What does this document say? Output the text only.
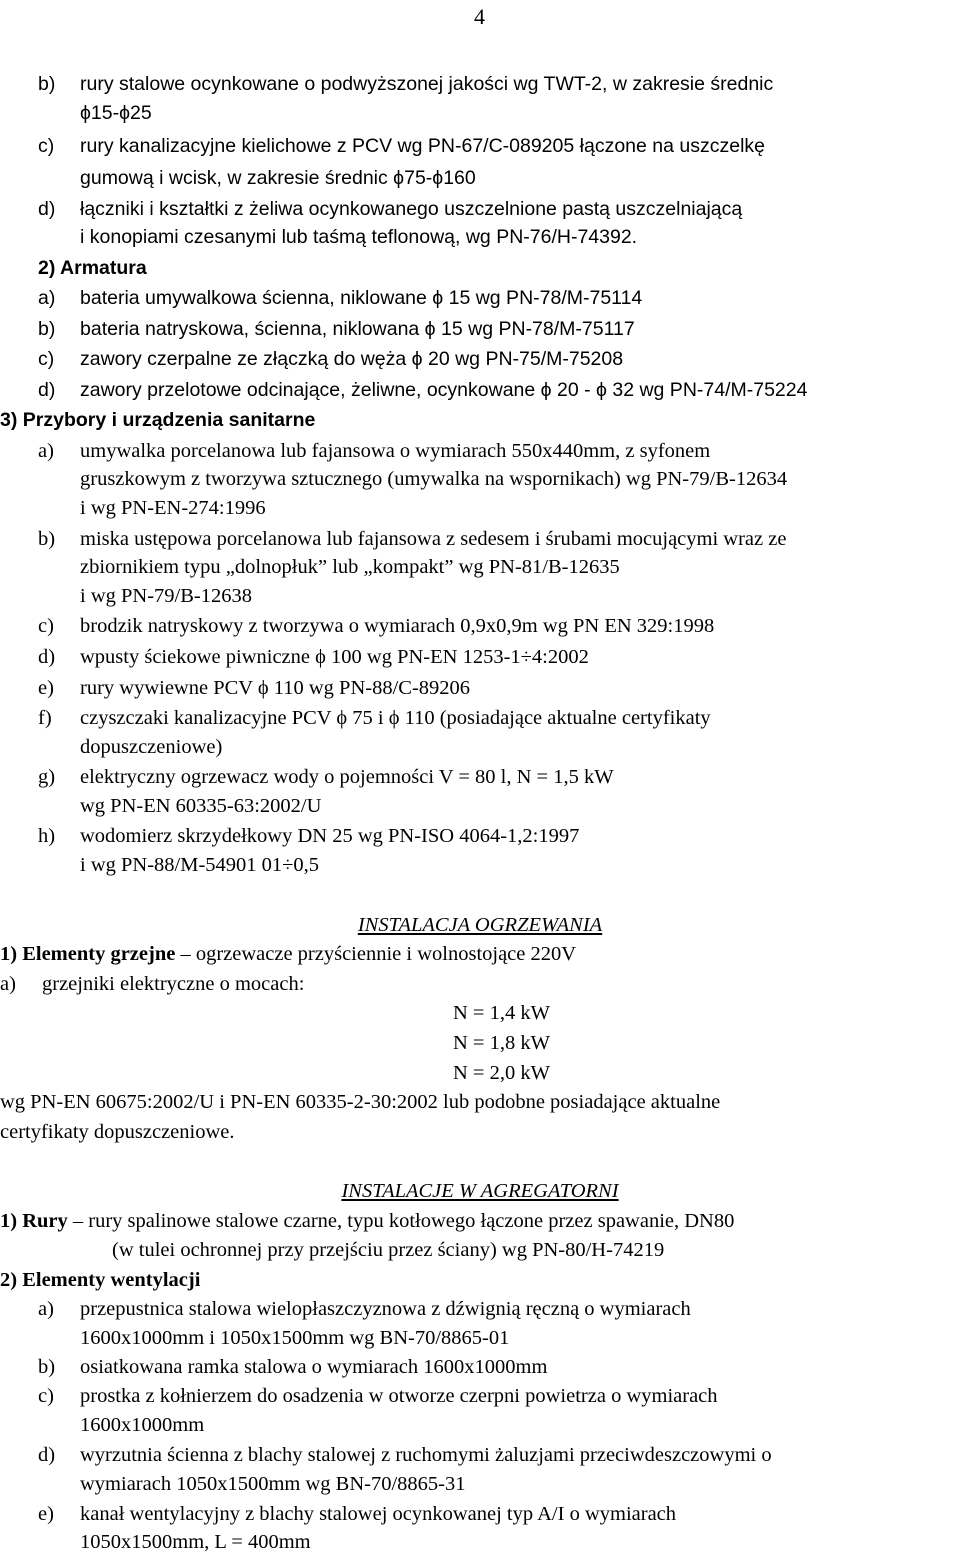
4
b) rury stalowe ocynkowane o podwyższonej jakości wg TWT-2, w zakresie średnic
ϕ15-ϕ25
c) rury kanalizacyjne kielichowe z PCV wg PN-67/C-089205 łączone na uszczelkę
gumową i wcisk, w zakresie średnic ϕ75-ϕ160
d) łączniki i kształtki z żeliwa ocynkowanego uszczelnione pastą uszczelniającą
i konopiami czesanymi lub taśmą teflonową, wg PN-76/H-74392.
2) Armatura
a) bateria umywalkowa ścienna, niklowane ϕ 15 wg PN-78/M-75114
b) bateria natryskowa, ścienna, niklowana ϕ 15 wg PN-78/M-75117
c) zawory czerpalne ze złączką do węża ϕ 20 wg PN-75/M-75208
d) zawory przelotowe odcinające, żeliwne, ocynkowane ϕ 20 - ϕ 32 wg PN-74/M-75224
3) Przybory i urządzenia sanitarne
a) umywalka porcelanowa lub fajansowa o wymiarach 550x440mm, z syfonem
gruszkowym z tworzywa sztucznego (umywalka na wspornikach) wg PN-79/B-12634
i wg PN-EN-274:1996
b) miska ustępowa porcelanowa lub fajansowa z sedesem i śrubami mocującymi wraz ze
zbiornikiem typu „dolnopłuk” lub „kompakt” wg PN-81/B-12635
i wg PN-79/B-12638
c) brodzik natryskowy z tworzywa o wymiarach 0,9x0,9m wg PN EN 329:1998
d) wpusty ściekowe piwniczne ϕ 100 wg PN-EN 1253-1÷4:2002
e) rury wywiewne PCV ϕ 110 wg PN-88/C-89206
f) czyszczaki kanalizacyjne PCV ϕ 75 i ϕ 110 (posiadające aktualne certyfikaty
dopuszczeniowe)
g) elektryczny ogrzewacz wody o pojemności V = 80 l, N = 1,5 kW
wg PN-EN 60335-63:2002/U
h) wodomierz skrzydełkowy DN 25 wg PN-ISO 4064-1,2:1997
i wg PN-88/M-54901 01÷0,5
INSTALACJA OGRZEWANIA
1) Elementy grzejne – ogrzewacze przyściennie i wolnostojące 220V
a) grzejniki elektryczne o mocach:
N = 1,4 kW
N = 1,8 kW
N = 2,0 kW
wg PN-EN 60675:2002/U i PN-EN 60335-2-30:2002 lub podobne posiadające aktualne
certyfikaty dopuszczeniowe.
INSTALACJE W AGREGATORNI
1) Rury – rury spalinowe stalowe czarne, typu kotłowego łączone przez spawanie, DN80
(w tulei ochronnej przy przejściu przez ściany) wg PN-80/H-74219
2) Elementy wentylacji
a) przepustnica stalowa wielopłaszczyznowa z dźwignią ręczną o wymiarach
1600x1000mm i 1050x1500mm wg BN-70/8865-01
b) osiatkowana ramka stalowa o wymiarach 1600x1000mm
c) prostka z kołnierzem do osadzenia w otworze czerpni powietrza o wymiarach
1600x1000mm
d) wyrzutnia ścienna z blachy stalowej z ruchomymi żaluzjami przeciwdeszczowymi o
wymiarach 1050x1500mm wg BN-70/8865-31
e) kanał wentylacyjny z blachy stalowej ocynkowanej typ A/I o wymiarach
1050x1500mm, L = 400mm
